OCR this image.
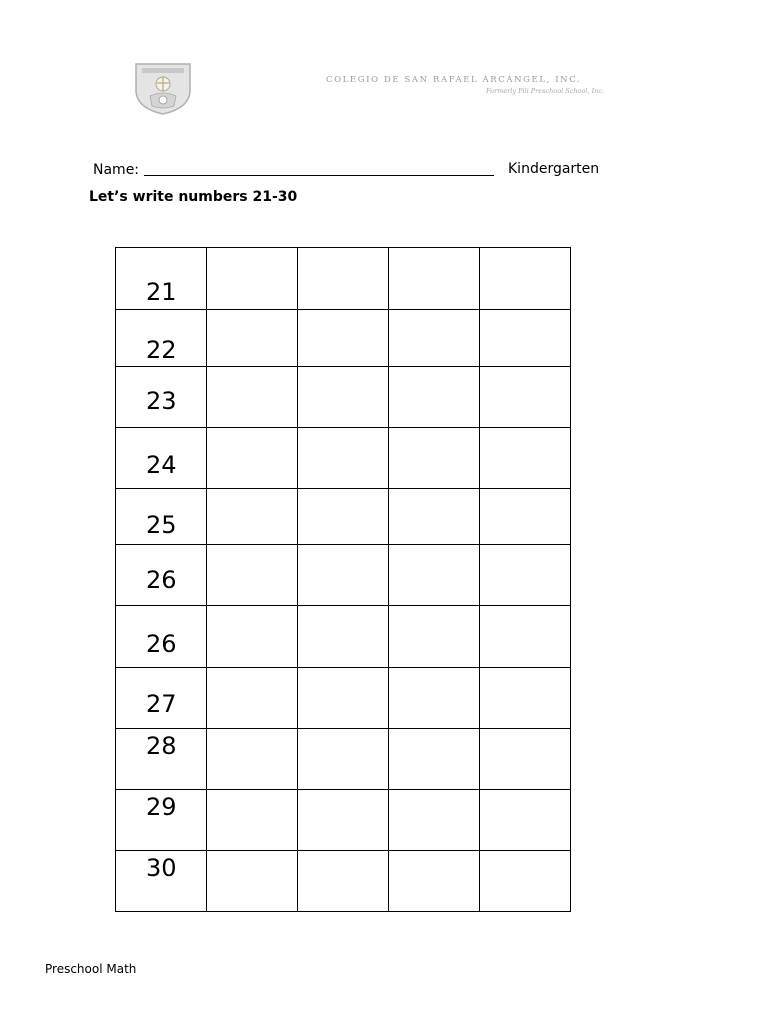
COLEGIO DE SAN RAFAEL ARCANGEL, INC.
Formerly Pili Preschool School, Inc.
Name:	Kindergarten
Let’s write numbers 21-30
21				
22				
23				
24				
25				
26				
26				
27				
28				
29				
30				
Preschool Math
